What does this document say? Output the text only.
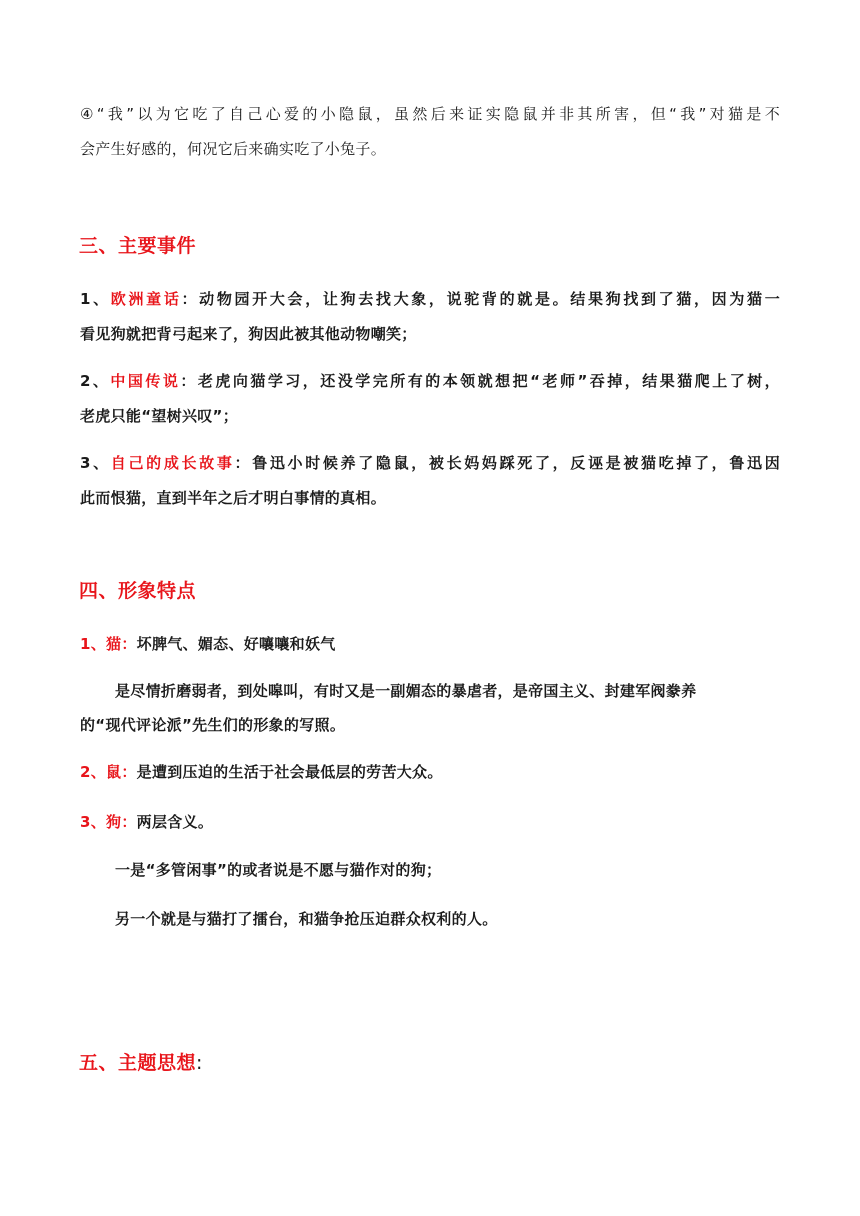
④“我”以为它吃了自己心爱的小隐鼠，虽然后来证实隐鼠并非其所害，但“我”对猫是不
会产生好感的，何况它后来确实吃了小兔子。
三、主要事件
1、欧洲童话：动物园开大会，让狗去找大象，说驼背的就是。结果狗找到了猫，因为猫一
看见狗就把背弓起来了，狗因此被其他动物嘲笑；
2、中国传说：老虎向猫学习，还没学完所有的本领就想把“老师”吞掉，结果猫爬上了树，
老虎只能“望树兴叹”；
3、自己的成长故事：鲁迅小时候养了隐鼠，被长妈妈踩死了，反诬是被猫吃掉了，鲁迅因
此而恨猫，直到半年之后才明白事情的真相。
四、形象特点
1、猫：坏脾气、媚态、好嚷嚷和妖气
是尽情折磨弱者，到处嗥叫，有时又是一副媚态的暴虐者，是帝国主义、封建军阀豢养
的“现代评论派”先生们的形象的写照。
2、鼠：是遭到压迫的生活于社会最低层的劳苦大众。
3、狗：两层含义。
一是“多管闲事”的或者说是不愿与猫作对的狗；
另一个就是与猫打了擂台，和猫争抢压迫群众权利的人。
五、主题思想:
